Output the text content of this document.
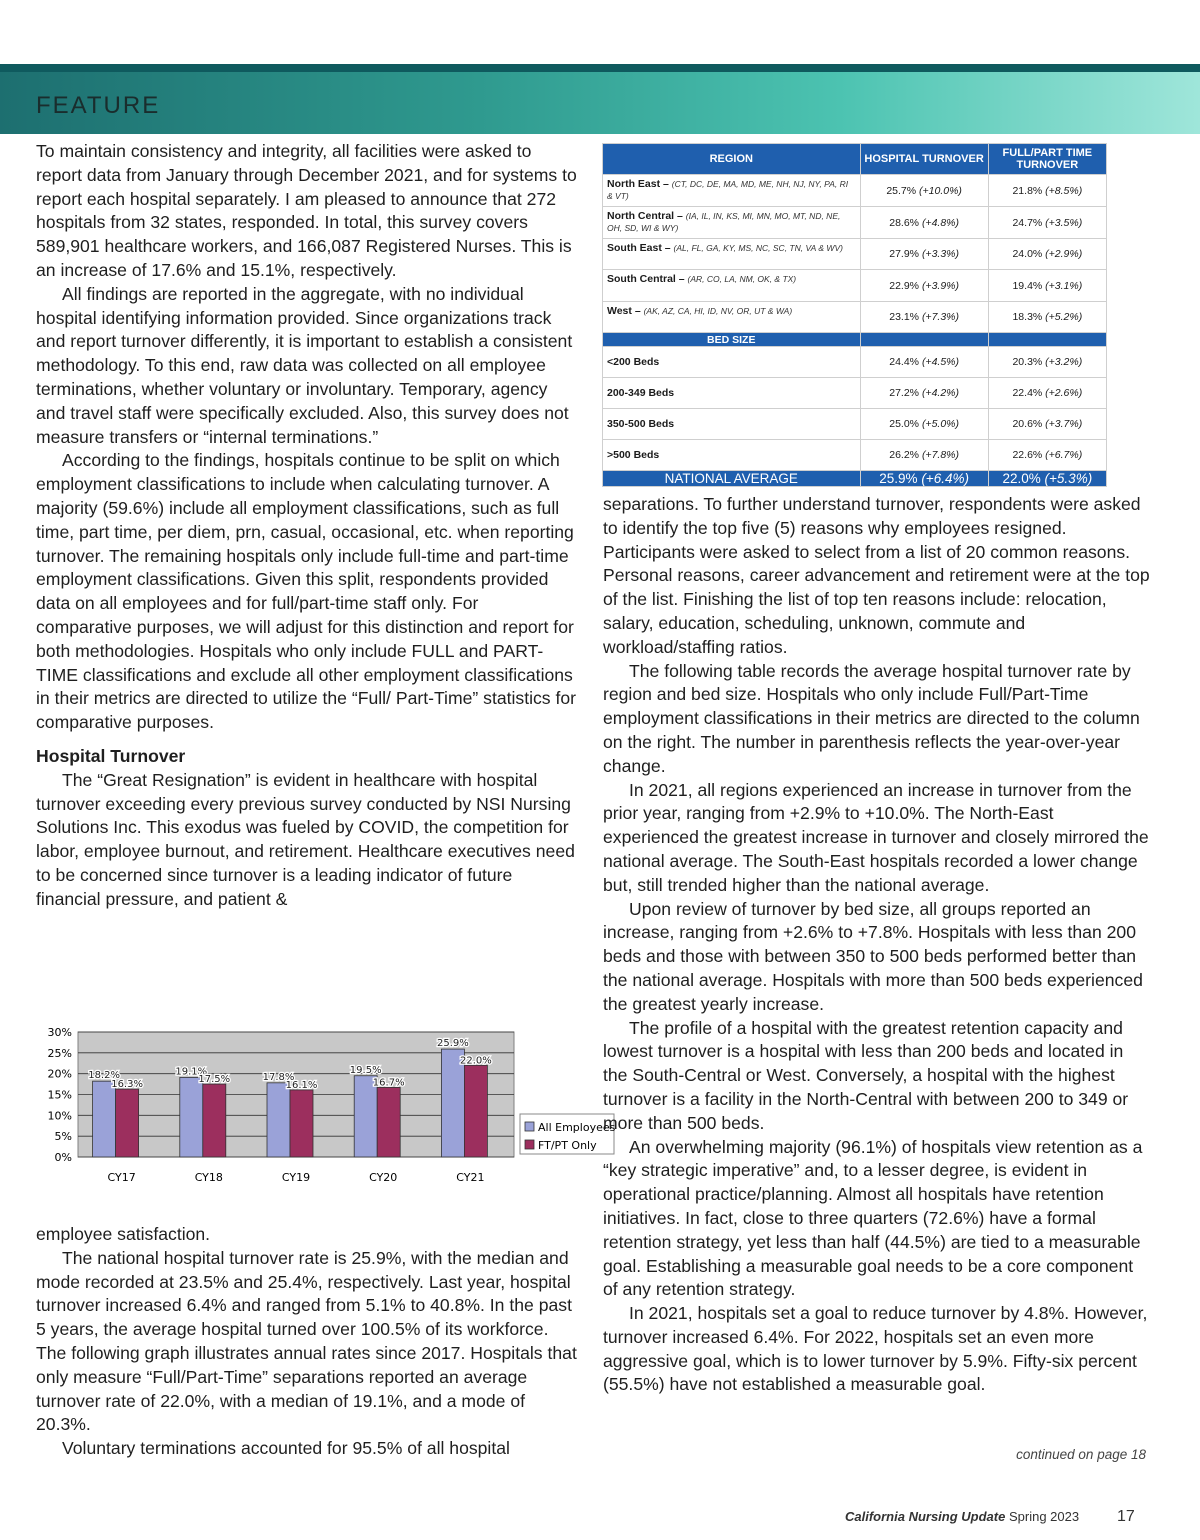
FEATURE

To maintain consistency and integrity, all facilities were asked to report data from January through December 2021, and for systems to report each hospital separately. I am pleased to announce that 272 hospitals from 32 states, responded. In total, this survey covers 589,901 healthcare workers, and 166,087 Registered Nurses. This is an increase of 17.6% and 15.1%, respectively.

All findings are reported in the aggregate, with no individual hospital identifying information provided. Since organizations track and report turnover differently, it is important to establish a consistent methodology. To this end, raw data was collected on all employee terminations, whether voluntary or involuntary. Temporary, agency and travel staff were specifically excluded. Also, this survey does not measure transfers or “internal terminations.”

According to the findings, hospitals continue to be split on which employment classifications to include when calculating turnover. A majority (59.6%) include all employment classifications, such as full time, part time, per diem, prn, casual, occasional, etc. when reporting turnover. The remaining hospitals only include full-time and part-time employment classifications. Given this split, respondents provided data on all employees and for full/part-time staff only. For comparative purposes, we will adjust for this distinction and report for both methodologies. Hospitals who only include FULL and PART-TIME classifications and exclude all other employment classifications in their metrics are directed to utilize the “Full/ Part-Time” statistics for comparative purposes.

Hospital Turnover

The “Great Resignation” is evident in healthcare with hospital turnover exceeding every previous survey conducted by NSI Nursing Solutions Inc. This exodus was fueled by COVID, the competition for labor, employee burnout, and retirement. Healthcare executives need to be concerned since turnover is a leading indicator of future financial pressure, and patient &

0%
5%
10%
15%
20%
25%
30%
CY17
18.2%
16.3%
CY18
19.1%
17.5%
CY19
17.8%
16.1%
CY20
19.5%
16.7%
CY21
25.9%
22.0%
All Employees
FT/PT Only

employee satisfaction.

The national hospital turnover rate is 25.9%, with the median and mode recorded at 23.5% and 25.4%, respectively. Last year, hospital turnover increased 6.4% and ranged from 5.1% to 40.8%. In the past 5 years, the average hospital turned over 100.5% of its workforce. The following graph illustrates annual rates since 2017. Hospitals that only measure “Full/Part-Time” separations reported an average turnover rate of 22.0%, with a median of 19.1%, and a mode of 20.3%.

Voluntary terminations accounted for 95.5% of all hospital

REGION	HOSPITAL TURNOVER	FULL/PART TIME TURNOVER
North East – (CT, DC, DE, MA, MD, ME, NH, NJ, NY, PA, RI & VT)	25.7% (+10.0%)	21.8% (+8.5%)
North Central – (IA, IL, IN, KS, MI, MN, MO, MT, ND, NE, OH, SD, WI & WY)	28.6% (+4.8%)	24.7% (+3.5%)
South East – (AL, FL, GA, KY, MS, NC, SC, TN, VA & WV)	27.9% (+3.3%)	24.0% (+2.9%)
South Central – (AR, CO, LA, NM, OK, & TX)	22.9% (+3.9%)	19.4% (+3.1%)
West – (AK, AZ, CA, HI, ID, NV, OR, UT & WA)	23.1% (+7.3%)	18.3% (+5.2%)
BED SIZE		
<200 Beds	24.4% (+4.5%)	20.3% (+3.2%)
200-349 Beds	27.2% (+4.2%)	22.4% (+2.6%)
350-500 Beds	25.0% (+5.0%)	20.6% (+3.7%)
>500 Beds	26.2% (+7.8%)	22.6% (+6.7%)
NATIONAL AVERAGE	25.9% (+6.4%)	22.0% (+5.3%)

separations. To further understand turnover, respondents were asked to identify the top five (5) reasons why employees resigned. Participants were asked to select from a list of 20 common reasons. Personal reasons, career advancement and retirement were at the top of the list. Finishing the list of top ten reasons include: relocation, salary, education, scheduling, unknown, commute and workload/staffing ratios.

The following table records the average hospital turnover rate by region and bed size. Hospitals who only include Full/Part-Time employment classifications in their metrics are directed to the column on the right. The number in parenthesis reflects the year-over-year change.

In 2021, all regions experienced an increase in turnover from the prior year, ranging from +2.9% to +10.0%. The North-East experienced the greatest increase in turnover and closely mirrored the national average. The South-East hospitals recorded a lower change but, still trended higher than the national average.

Upon review of turnover by bed size, all groups reported an increase, ranging from +2.6% to +7.8%. Hospitals with less than 200 beds and those with between 350 to 500 beds performed better than the national average. Hospitals with more than 500 beds experienced the greatest yearly increase.

The profile of a hospital with the greatest retention capacity and lowest turnover is a hospital with less than 200 beds and located in the South-Central or West. Conversely, a hospital with the highest turnover is a facility in the North-Central with between 200 to 349 or more than 500 beds.

An overwhelming majority (96.1%) of hospitals view retention as a “key strategic imperative” and, to a lesser degree, is evident in operational practice/planning. Almost all hospitals have retention initiatives. In fact, close to three quarters (72.6%) have a formal retention strategy, yet less than half (44.5%) are tied to a measurable goal. Establishing a measurable goal needs to be a core component of any retention strategy.

In 2021, hospitals set a goal to reduce turnover by 4.8%. However, turnover increased 6.4%. For 2022, hospitals set an even more aggressive goal, which is to lower turnover by 5.9%. Fifty-six percent (55.5%) have not established a measurable goal.

continued on page 18
California Nursing Update Spring 2023 17
